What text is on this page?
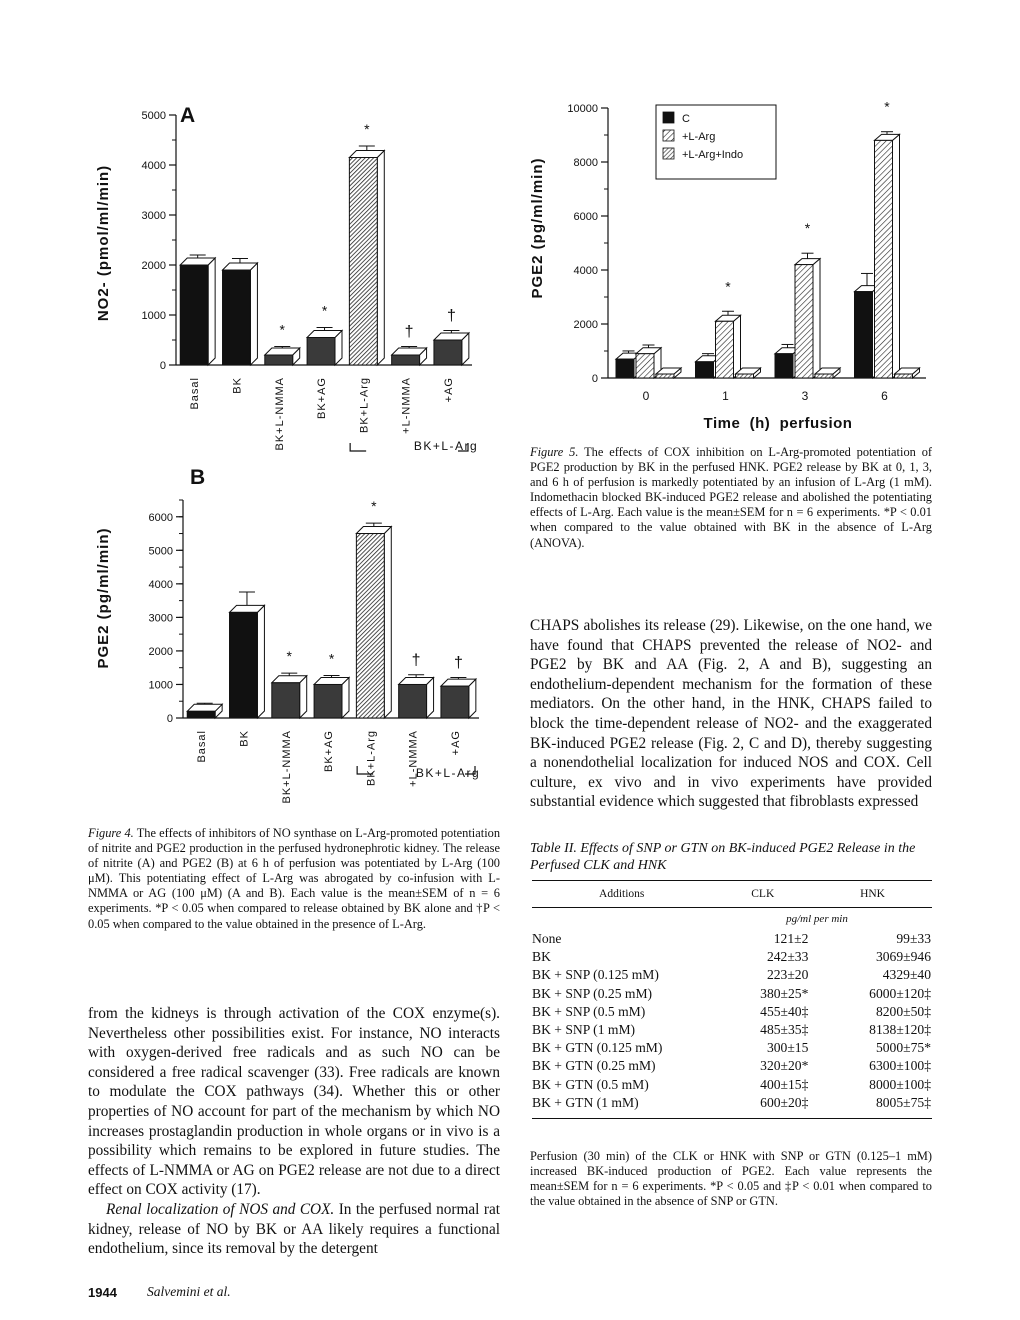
A
NO2- (pmol/ml/min)
0
1000
2000
3000
4000
5000
Basal	BK
*
BK+L-NMMA
*
BK+AG
*
BK+L-Arg
†
+L-NMMA
†
+AG
BK+L-Arg
B
PGE2 (pg/ml/min)
0
1000
2000
3000
4000
5000
6000
Basal	BK
*
BK+L-NMMA
*
BK+AG
*
BK+L-Arg
†
+L-NMMA
†
+AG
BK+L-Arg
PGE2 (pg/ml/min)
0
2000
4000
6000
8000
10000
0
*
1
*
3
*
6
C
+L-Arg
+L-Arg+Indo
Time  (h)  perfusion
Figure 4. The effects of inhibitors of NO synthase on L-Arg-promoted potentiation of nitrite and PGE2 production in the perfused hydronephrotic kidney. The release of nitrite (A) and PGE2 (B) at 6 h of perfusion was potentiated by L-Arg (100 μM). This potentiating effect of L-Arg was abrogated by co-infusion with L-NMMA or AG (100 μM) (A and B). Each value is the mean±SEM of n = 6 experiments. *P < 0.05 when compared to release obtained by BK alone and †P < 0.05 when compared to the value obtained in the presence of L-Arg.
Figure 5. The effects of COX inhibition on L-Arg-promoted potentiation of PGE2 production by BK in the perfused HNK. PGE2 release by BK at 0, 1, 3, and 6 h of perfusion is markedly potentiated by an infusion of L-Arg (1 mM). Indomethacin blocked BK-induced PGE2 release and abolished the potentiating effects of L-Arg. Each value is the mean±SEM for n = 6 experiments. *P < 0.01 when compared to the value obtained with BK in the absence of L-Arg (ANOVA).

from the kidneys is through activation of the COX enzyme(s). Nevertheless other possibilities exist. For instance, NO interacts with oxygen-derived free radicals and as such NO can be considered a free radical scavenger (33). Free radicals are known to modulate the COX pathways (34). Whether this or other properties of NO account for part of the mechanism by which NO increases prostaglandin production in whole organs or in vivo is a possibility which remains to be explored in future studies. The effects of L-NMMA or AG on PGE2 release are not due to a direct effect on COX activity (17).

Renal localization of NOS and COX. In the perfused normal rat kidney, release of NO by BK or AA likely requires a functional endothelium, since its removal by the detergent

CHAPS abolishes its release (29). Likewise, on the one hand, we have found that CHAPS prevented the release of NO2- and PGE2 by BK and AA (Fig. 2, A and B), suggesting an endothelium-dependent mechanism for the formation of these mediators. On the other hand, in the HNK, CHAPS failed to block the time-dependent release of NO2- and the exaggerated BK-induced PGE2 release (Fig. 2, C and D), thereby suggesting a nonendothelial localization for induced NOS and COX. Cell culture, ex vivo and in vivo experiments have provided substantial evidence which suggested that fibroblasts expressed

Table II. Effects of SNP or GTN on BK-induced PGE2 Release in the Perfused CLK and HNK
Additions	CLK	HNK
pg/ml per min
None	121±2	99±33
BK	242±33	3069±946
BK + SNP (0.125 mM)	223±20	4329±40
BK + SNP (0.25 mM)	380±25*	6000±120‡
BK + SNP (0.5 mM)	455±40‡	8200±50‡
BK + SNP (1 mM)	485±35‡	8138±120‡
BK + GTN (0.125 mM)	300±15	5000±75*
BK + GTN (0.25 mM)	320±20*	6300±100‡
BK + GTN (0.5 mM)	400±15‡	8000±100‡
BK + GTN (1 mM)	600±20‡	8005±75‡
Perfusion (30 min) of the CLK or HNK with SNP or GTN (0.125–1 mM) increased BK-induced production of PGE2. Each value represents the mean±SEM for n = 6 experiments. *P < 0.05 and ‡P < 0.01 when compared to the value obtained in the absence of SNP or GTN.
1944 Salvemini et al.
